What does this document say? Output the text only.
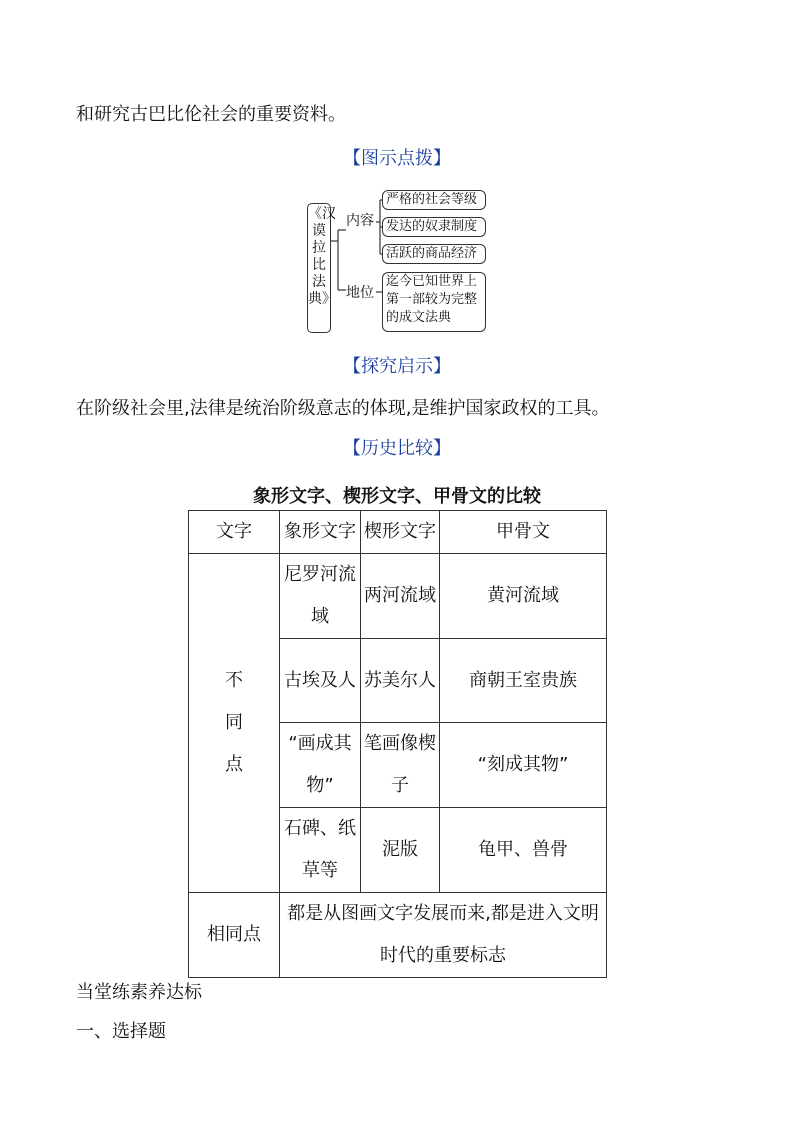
和研究古巴比伦社会的重要资料。
【图示点拨】
《汉谟拉比法典》
内容
地位
严格的社会等级
发达的奴隶制度
活跃的商品经济
迄今已知世界上第一部较为完整的成文法典
【探究启示】
在阶级社会里,法律是统治阶级意志的体现,是维护国家政权的工具。
【历史比较】
象形文字、楔形文字、甲骨文的比较
文字	象形文字	楔形文字	甲骨文

不同点	尼罗河流域	两河流域	黄河流域
	古埃及人	苏美尔人	商朝王室贵族
	“画成其物”	笔画像楔子	“刻成其物”
	石碑、纸草等	泥版	龟甲、兽骨
相同点	都是从图画文字发展而来,都是进入文明时代的重要标志		
当堂练素养达标
一、选择题
